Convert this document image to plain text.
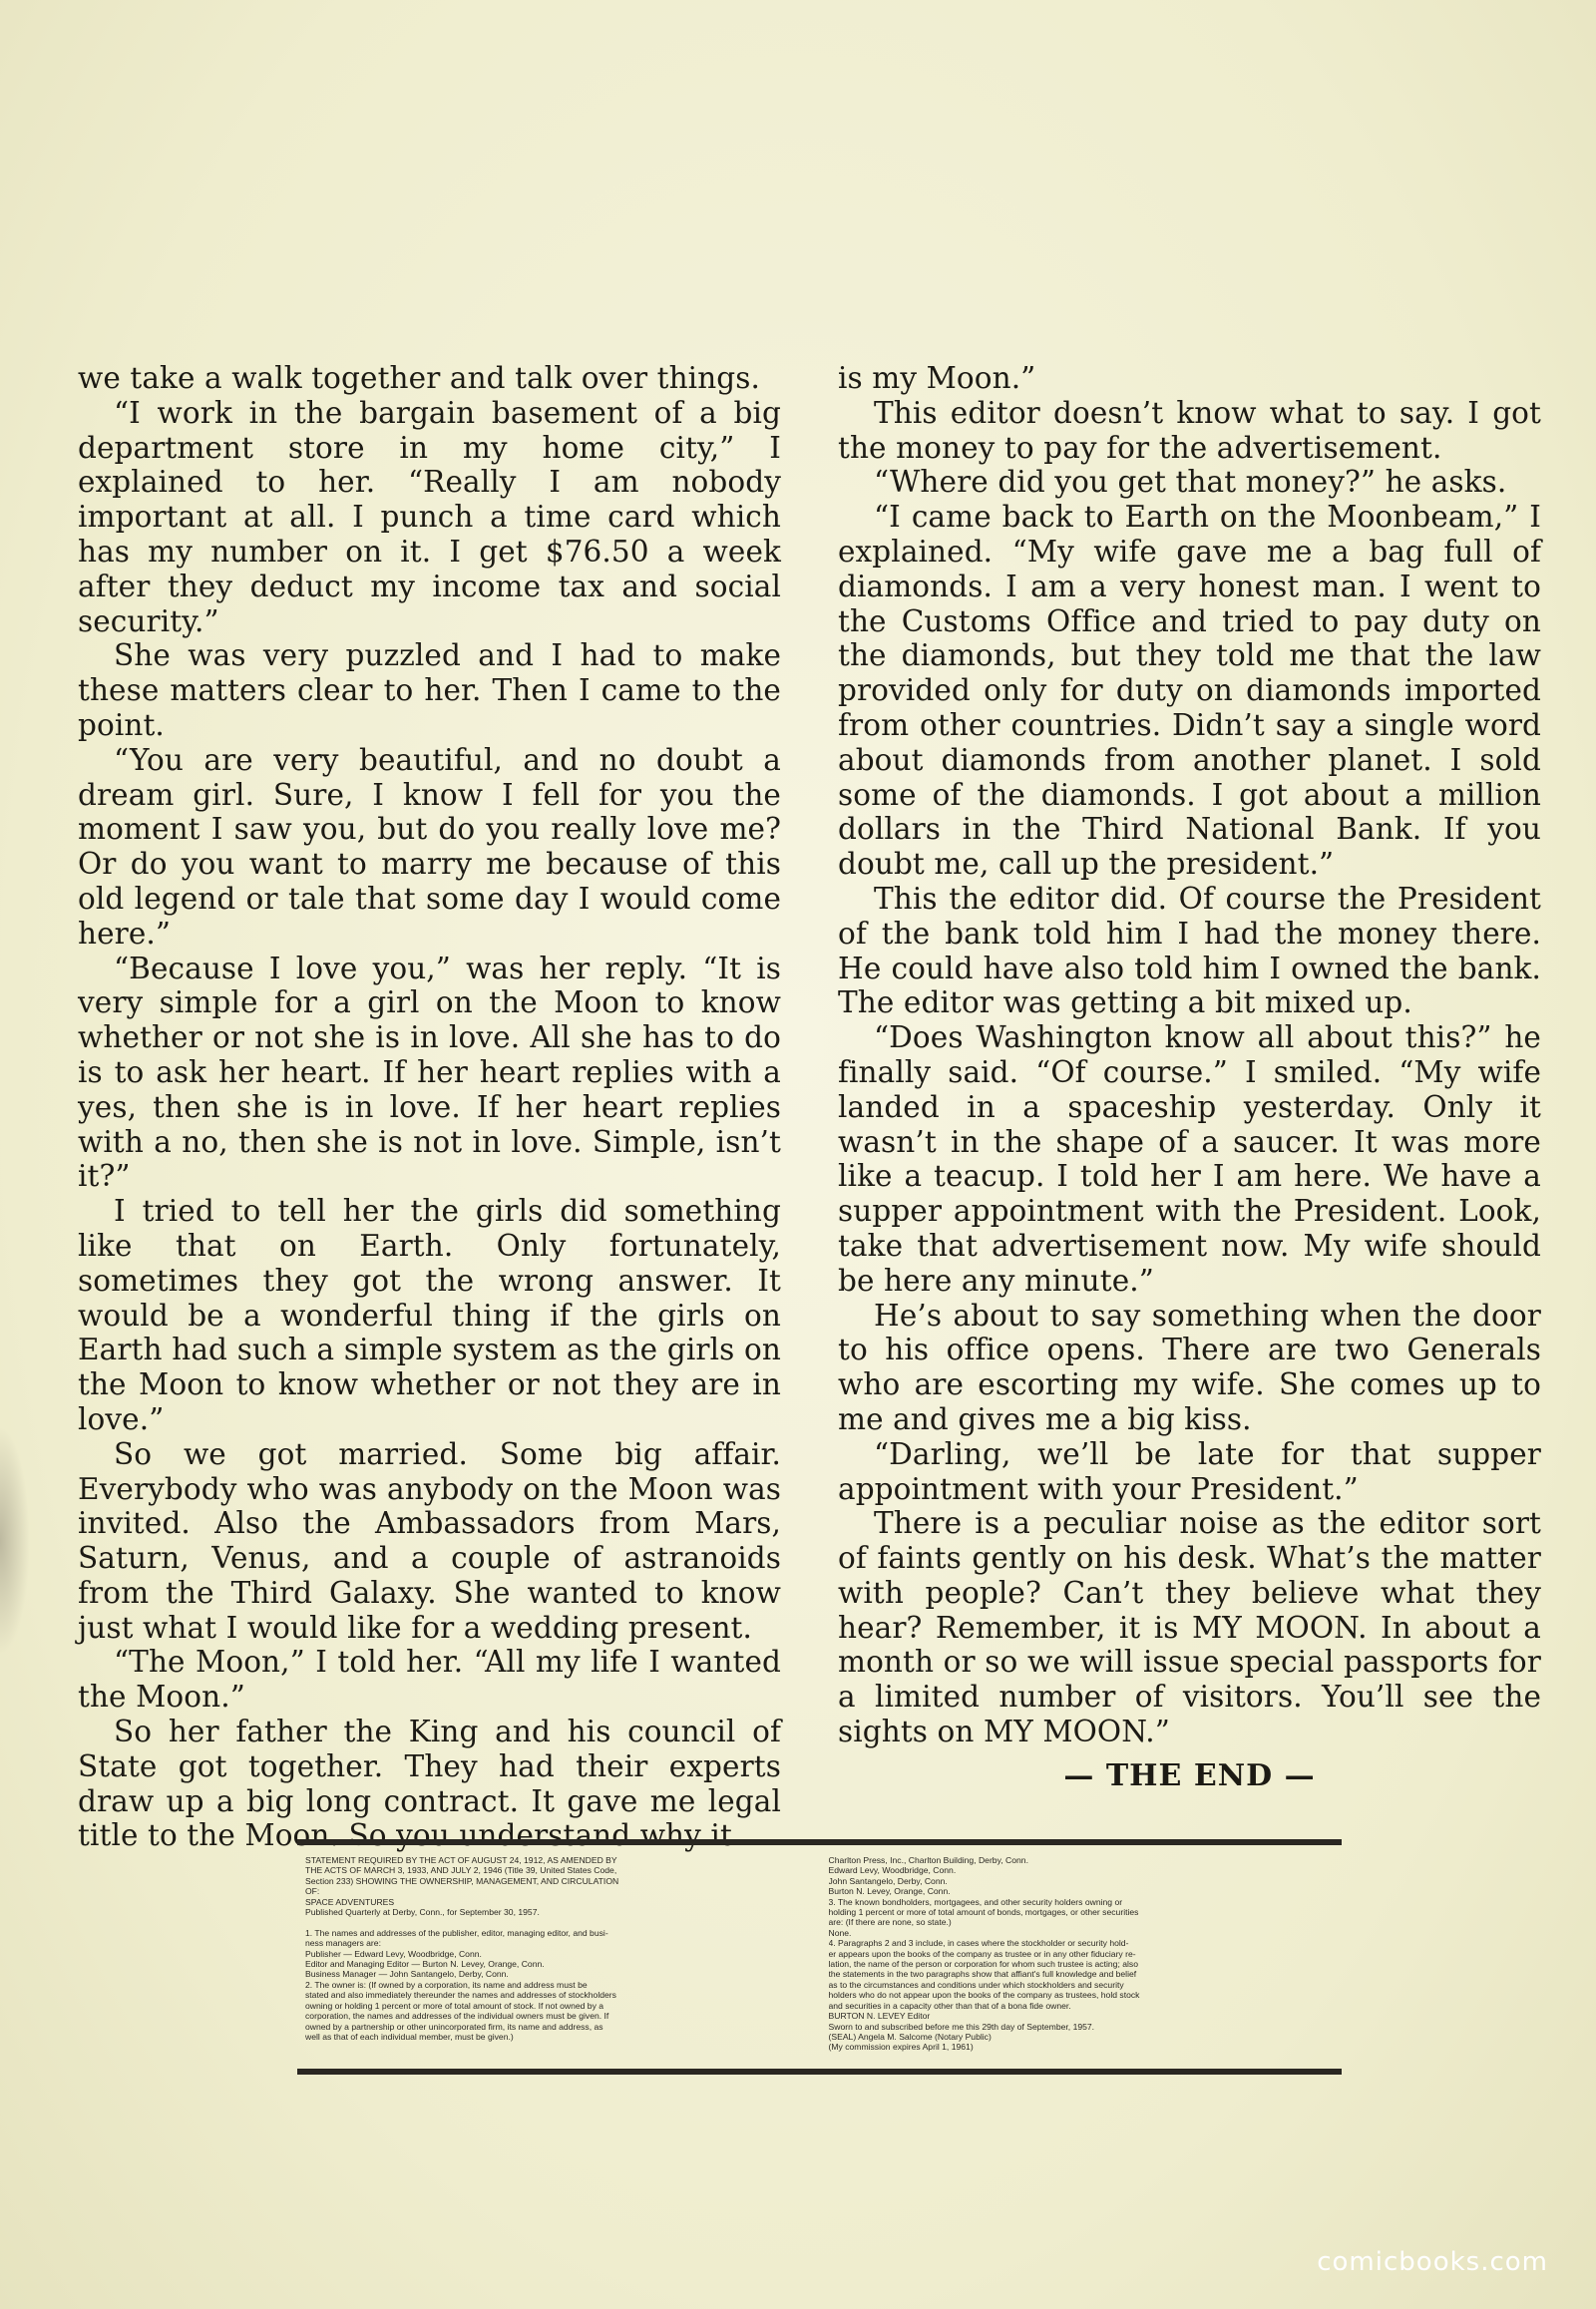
we take a walk together and talk over things.

“I work in the bargain basement of a big department store in my home city,” I explained to her. “Really I am nobody important at all. I punch a time card which has my number on it. I get $76.50 a week after they deduct my income tax and social security.”

She was very puzzled and I had to make these matters clear to her. Then I came to the point.

“You are very beautiful, and no doubt a dream girl. Sure, I know I fell for you the moment I saw you, but do you really love me? Or do you want to marry me because of this old legend or tale that some day I would come here.”

“Because I love you,” was her reply. “It is very simple for a girl on the Moon to know whether or not she is in love. All she has to do is to ask her heart. If her heart replies with a yes, then she is in love. If her heart replies with a no, then she is not in love. Simple, isn’t it?”

I tried to tell her the girls did something like that on Earth. Only fortunately, sometimes they got the wrong answer. It would be a wonderful thing if the girls on Earth had such a simple system as the girls on the Moon to know whether or not they are in love.”

So we got married. Some big affair. Everybody who was anybody on the Moon was invited. Also the Ambassadors from Mars, Saturn, Venus, and a couple of astranoids from the Third Galaxy. She wanted to know just what I would like for a wedding present.

“The Moon,” I told her. “All my life I wanted the Moon.”

So her father the King and his council of State got together. They had their experts draw up a big long contract. It gave me legal title to the Moon. So you understand why it

is my Moon.”

This editor doesn’t know what to say. I got the money to pay for the advertisement.

“Where did you get that money?” he asks.

“I came back to Earth on the Moonbeam,” I explained. “My wife gave me a bag full of diamonds. I am a very honest man. I went to the Customs Office and tried to pay duty on the diamonds, but they told me that the law provided only for duty on diamonds imported from other countries. Didn’t say a single word about diamonds from another planet. I sold some of the diamonds. I got about a million dollars in the Third National Bank. If you doubt me, call up the president.”

This the editor did. Of course the President of the bank told him I had the money there. He could have also told him I owned the bank. The editor was getting a bit mixed up.

“Does Washington know all about this?” he finally said. “Of course.” I smiled. “My wife landed in a spaceship yesterday. Only it wasn’t in the shape of a saucer. It was more like a teacup. I told her I am here. We have a supper appointment with the President. Look, take that advertisement now. My wife should be here any minute.”

He’s about to say something when the door to his office opens. There are two Generals who are escorting my wife. She comes up to me and gives me a big kiss.

“Darling, we’ll be late for that supper appointment with your President.”

There is a peculiar noise as the editor sort of faints gently on his desk. What’s the matter with people? Can’t they believe what they hear? Remember, it is MY MOON. In about a month or so we will issue special passports for a limited number of visitors. You’ll see the sights on MY MOON.”

— THE END —
STATEMENT REQUIRED BY THE ACT OF AUGUST 24, 1912, AS AMENDED BY
THE ACTS OF MARCH 3, 1933, AND JULY 2, 1946 (Title 39, United States Code,
Section 233) SHOWING THE OWNERSHIP, MANAGEMENT, AND CIRCULATION
OF:
SPACE ADVENTURES
Published Quarterly at Derby, Conn., for September 30, 1957.

1. The names and addresses of the publisher, editor, managing editor, and busi-
ness managers are:
Publisher — Edward Levy, Woodbridge, Conn.
Editor and Managing Editor — Burton N. Levey, Orange, Conn.
Business Manager — John Santangelo, Derby, Conn.
2. The owner is: (If owned by a corporation, its name and address must be
stated and also immediately thereunder the names and addresses of stockholders
owning or holding 1 percent or more of total amount of stock. If not owned by a
corporation, the names and addresses of the individual owners must be given. If
owned by a partnership or other unincorporated firm, its name and address, as
well as that of each individual member, must be given.)
Charlton Press, Inc., Charlton Building, Derby, Conn.
Edward Levy, Woodbridge, Conn.
John Santangelo, Derby, Conn.
Burton N. Levey, Orange, Conn.
3. The known bondholders, mortgagees, and other security holders owning or
holding 1 percent or more of total amount of bonds, mortgages, or other securities
are: (If there are none, so state.)
None.
4. Paragraphs 2 and 3 include, in cases where the stockholder or security hold-
er appears upon the books of the company as trustee or in any other fiduciary re-
lation, the name of the person or corporation for whom such trustee is acting; also
the statements in the two paragraphs show that affiant's full knowledge and belief
as to the circumstances and conditions under which stockholders and security
holders who do not appear upon the books of the company as trustees, hold stock
and securities in a capacity other than that of a bona fide owner.
BURTON N. LEVEY Editor
Sworn to and subscribed before me this 29th day of September, 1957.
(SEAL) Angela M. Salcome (Notary Public)
(My commission expires April 1, 1961)
comicbooks.com
